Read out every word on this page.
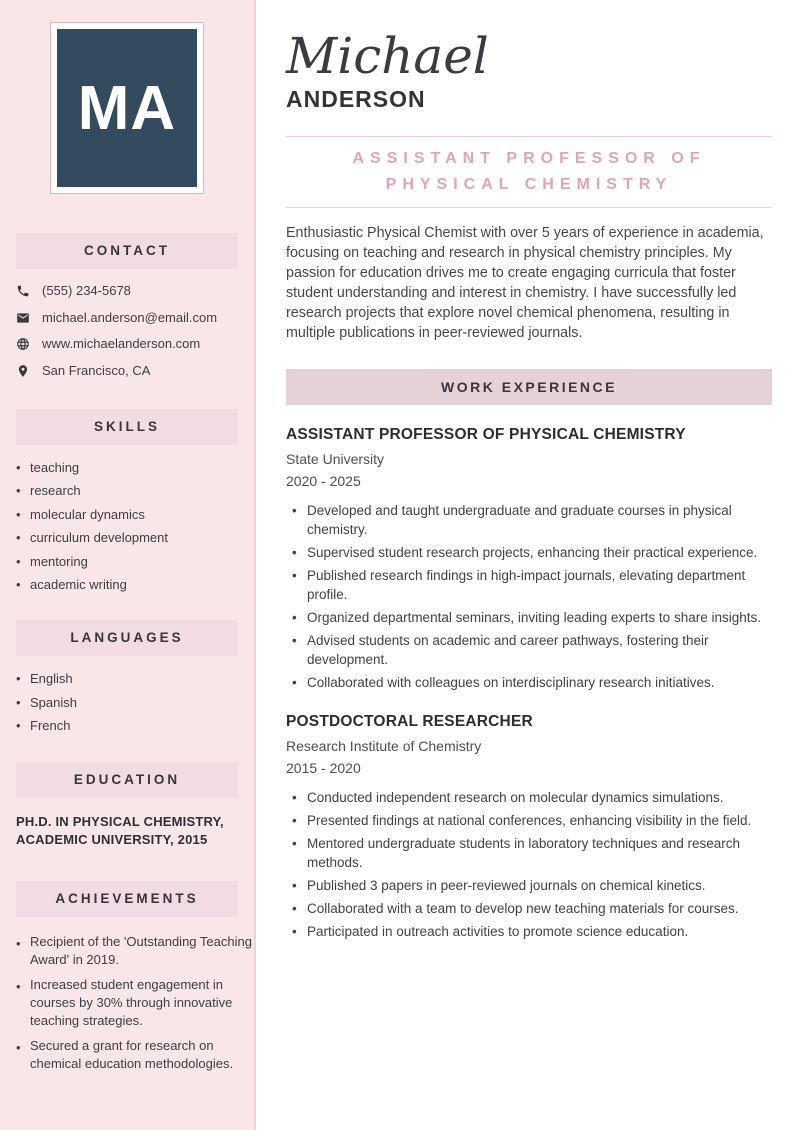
MA
CONTACT
(555) 234-5678
michael.anderson@email.com
www.michaelanderson.com
San Francisco, CA
SKILLS
• teaching
• research
• molecular dynamics
• curriculum development
• mentoring
• academic writing
LANGUAGES
• English
• Spanish
• French
EDUCATION
PH.D. IN PHYSICAL CHEMISTRY, ACADEMIC UNIVERSITY, 2015
ACHIEVEMENTS
• Recipient of the 'Outstanding Teaching Award' in 2019.
• Increased student engagement in courses by 30% through innovative teaching strategies.
• Secured a grant for research on chemical education methodologies.
Michael
ANDERSON
ASSISTANT PROFESSOR OF PHYSICAL CHEMISTRY

Enthusiastic Physical Chemist with over 5 years of experience in academia, focusing on teaching and research in physical chemistry principles. My passion for education drives me to create engaging curricula that foster student understanding and interest in chemistry. I have successfully led research projects that explore novel chemical phenomena, resulting in multiple publications in peer-reviewed journals.

WORK EXPERIENCE
ASSISTANT PROFESSOR OF PHYSICAL CHEMISTRY
State University
2020 - 2025
• Developed and taught undergraduate and graduate courses in physical chemistry.
• Supervised student research projects, enhancing their practical experience.
• Published research findings in high-impact journals, elevating department profile.
• Organized departmental seminars, inviting leading experts to share insights.
• Advised students on academic and career pathways, fostering their development.
• Collaborated with colleagues on interdisciplinary research initiatives.
POSTDOCTORAL RESEARCHER
Research Institute of Chemistry
2015 - 2020
• Conducted independent research on molecular dynamics simulations.
• Presented findings at national conferences, enhancing visibility in the field.
• Mentored undergraduate students in laboratory techniques and research methods.
• Published 3 papers in peer-reviewed journals on chemical kinetics.
• Collaborated with a team to develop new teaching materials for courses.
• Participated in outreach activities to promote science education.
